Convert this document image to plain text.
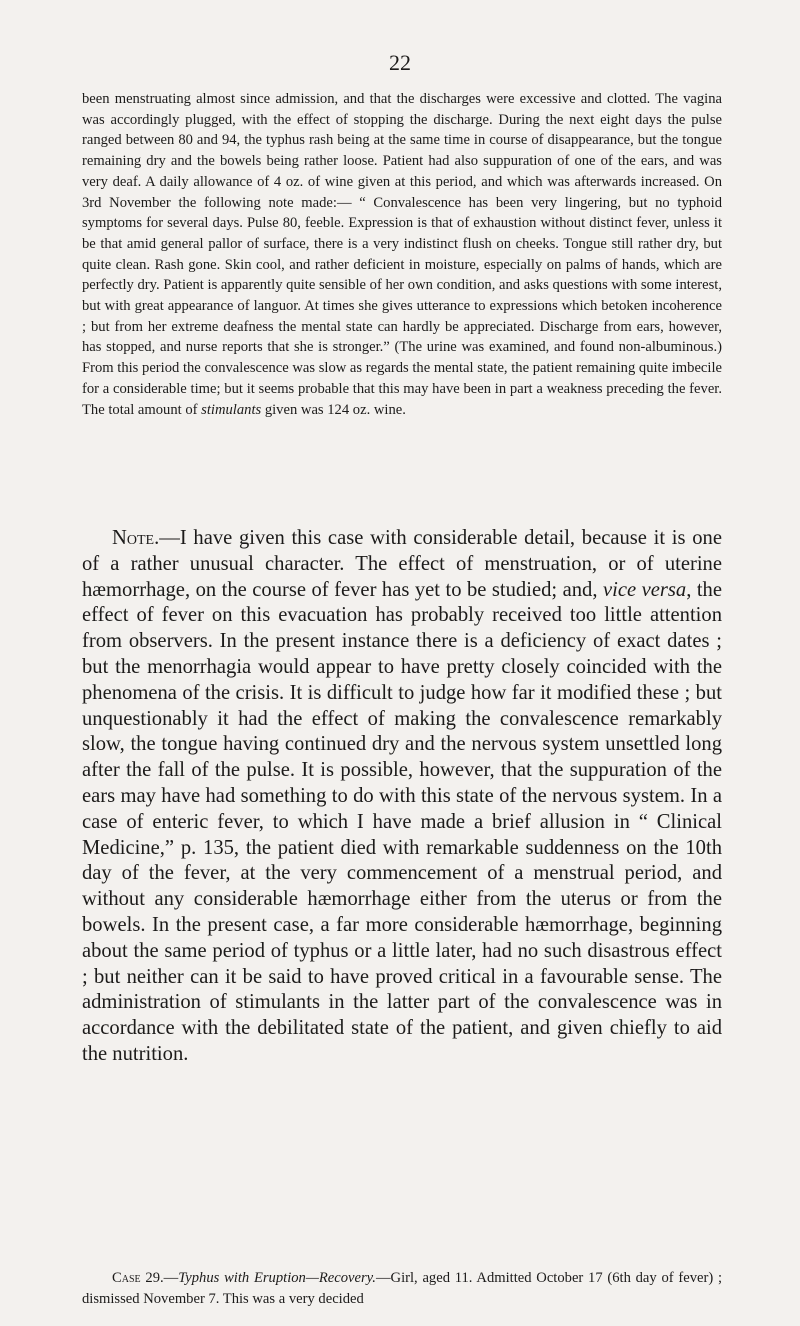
22

been menstruating almost since admission, and that the discharges were excessive and clotted. The vagina was accordingly plugged, with the effect of stopping the discharge. During the next eight days the pulse ranged between 80 and 94, the typhus rash being at the same time in course of disappearance, but the tongue remaining dry and the bowels being rather loose. Patient had also suppuration of one of the ears, and was very deaf. A daily allowance of 4 oz. of wine given at this period, and which was afterwards increased. On 3rd November the following note made:— “ Convalescence has been very lingering, but no typhoid symptoms for several days. Pulse 80, feeble. Expression is that of exhaustion without distinct fever, unless it be that amid general pallor of surface, there is a very indistinct flush on cheeks. Tongue still rather dry, but quite clean. Rash gone. Skin cool, and rather deficient in moisture, especially on palms of hands, which are perfectly dry. Patient is apparently quite sensible of her own condition, and asks questions with some interest, but with great appearance of languor. At times she gives utterance to expressions which betoken incoherence ; but from her extreme deafness the mental state can hardly be appreciated. Discharge from ears, however, has stopped, and nurse reports that she is stronger.” (The urine was examined, and found non-albuminous.) From this period the convalescence was slow as regards the mental state, the patient remaining quite imbecile for a considerable time; but it seems probable that this may have been in part a weakness preceding the fever. The total amount of stimulants given was 124 oz. wine.

Note.—I have given this case with considerable detail, because it is one of a rather unusual character. The effect of menstruation, or of uterine hæmorrhage, on the course of fever has yet to be studied; and, vice versa, the effect of fever on this evacuation has probably received too little attention from observers. In the present instance there is a deficiency of exact dates ; but the menorrhagia would appear to have pretty closely coincided with the phenomena of the crisis. It is difficult to judge how far it modified these ; but unquestionably it had the effect of making the convalescence remarkably slow, the tongue having continued dry and the nervous system unsettled long after the fall of the pulse. It is possible, however, that the suppuration of the ears may have had something to do with this state of the nervous system. In a case of enteric fever, to which I have made a brief allusion in “ Clinical Medicine,” p. 135, the patient died with remarkable suddenness on the 10th day of the fever, at the very commencement of a menstrual period, and without any considerable hæmorrhage either from the uterus or from the bowels. In the present case, a far more considerable hæmorrhage, beginning about the same period of typhus or a little later, had no such disastrous effect ; but neither can it be said to have proved critical in a favourable sense. The administration of stimulants in the latter part of the convalescence was in accordance with the debilitated state of the patient, and given chiefly to aid the nutrition.

Case 29.—Typhus with Eruption—Recovery.—Girl, aged 11. Admitted October 17 (6th day of fever) ; dismissed November 7. This was a very decided
